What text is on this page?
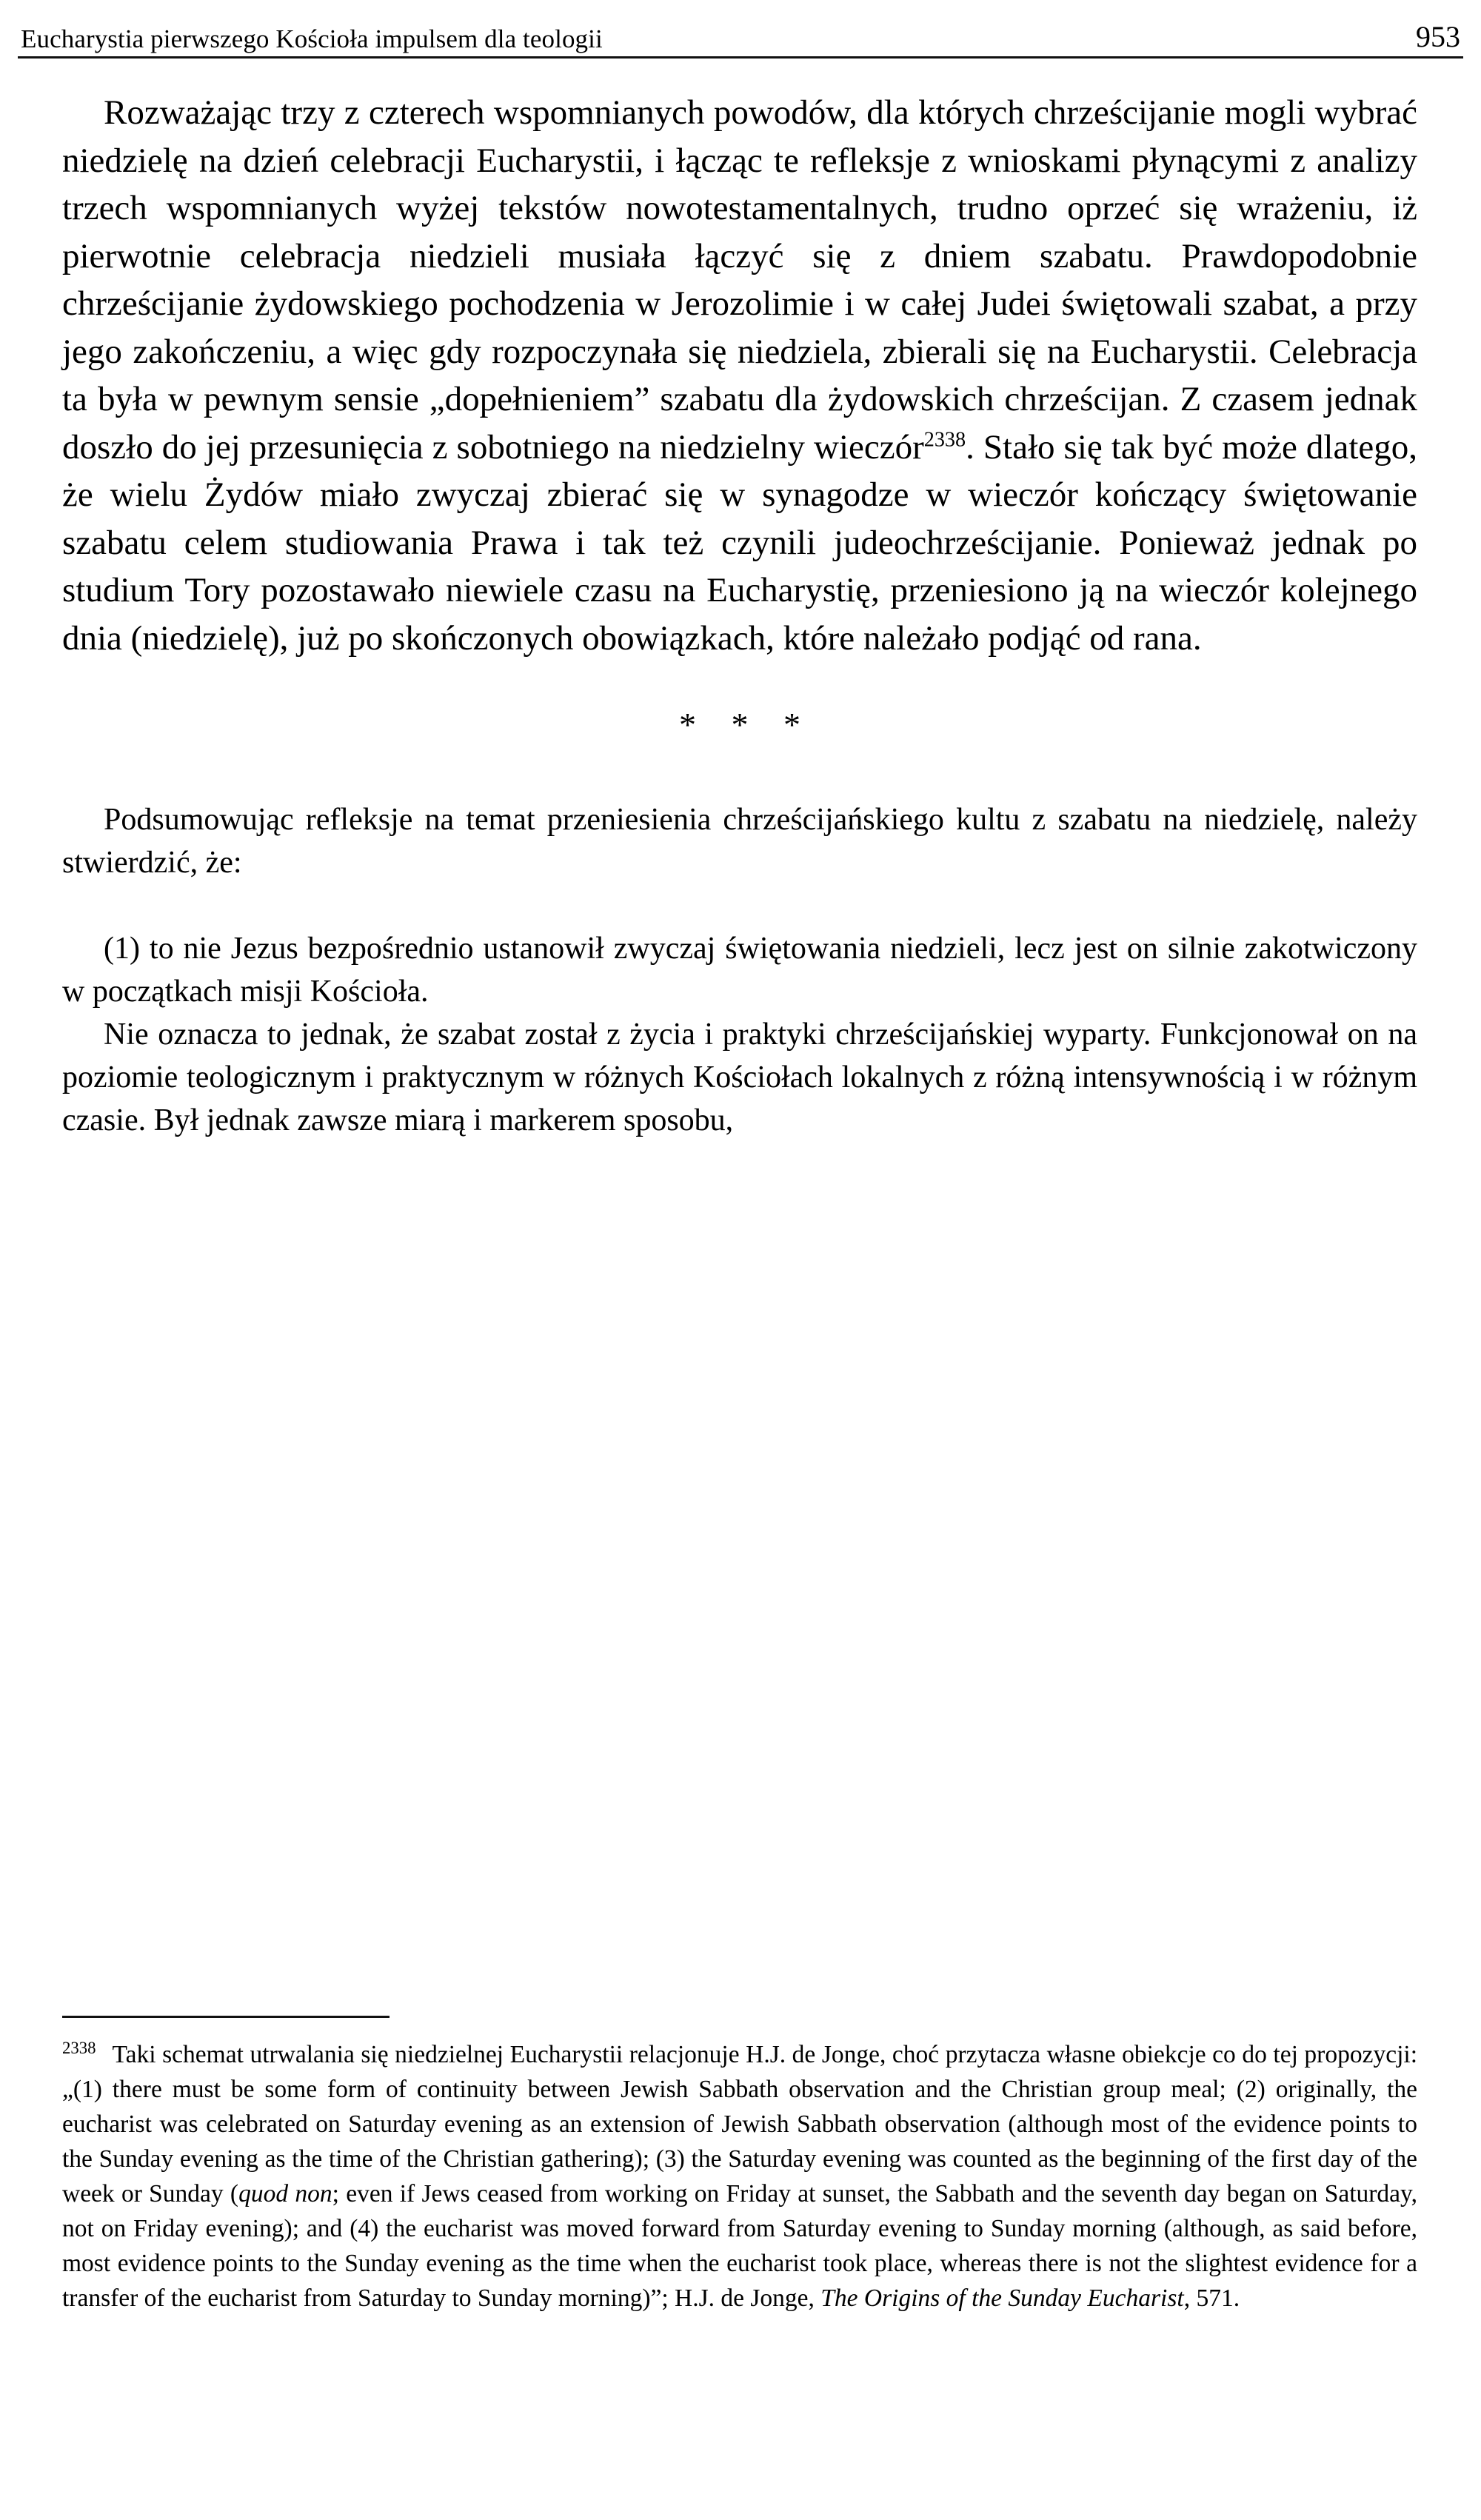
Eucharystia pierwszego Kościoła impulsem dla teologii	953

Rozważając trzy z czterech wspomnianych powodów, dla których chrześcijanie mogli wybrać niedzielę na dzień celebracji Eucharystii, i łącząc te refleksje z wnioskami płynącymi z analizy trzech wspomnianych wyżej tekstów nowotestamentalnych, trudno oprzeć się wrażeniu, iż pierwotnie celebracja niedzieli musiała łączyć się z dniem szabatu. Prawdopodobnie chrześcijanie żydowskiego pochodzenia w Jerozolimie i w całej Judei świętowali szabat, a przy jego zakończeniu, a więc gdy rozpoczynała się niedziela, zbierali się na Eucharystii. Celebracja ta była w pewnym sensie „dopełnieniem” szabatu dla żydowskich chrześcijan. Z czasem jednak doszło do jej przesunięcia z sobotniego na niedzielny wieczór$^{2338}$. Stało się tak być może dlatego, że wielu Żydów miało zwyczaj zbierać się w synagodze w wieczór kończący świętowanie szabatu celem studiowania Prawa i tak też czynili judeochrześcijanie. Ponieważ jednak po studium Tory pozostawało niewiele czasu na Eucharystię, przeniesiono ją na wieczór kolejnego dnia (niedzielę), już po skończonych obowiązkach, które należało podjąć od rana.

* * *

Podsumowując refleksje na temat przeniesienia chrześcijańskiego kultu z szabatu na niedzielę, należy stwierdzić, że:

(1) to nie Jezus bezpośrednio ustanowił zwyczaj świętowania niedzieli, lecz jest on silnie zakotwiczony w początkach misji Kościoła.

Nie oznacza to jednak, że szabat został z życia i praktyki chrześcijańskiej wyparty. Funkcjonował on na poziomie teologicznym i praktycznym w różnych Kościołach lokalnych z różną intensywnością i w różnym czasie. Był jednak zawsze miarą i markerem sposobu,

$^{2338}$ Taki schemat utrwalania się niedzielnej Eucharystii relacjonuje H.J. de Jonge, choć przytacza własne obiekcje co do tej propozycji: „(1) there must be some form of continuity between Jewish Sabbath observation and the Christian group meal; (2) originally, the eucharist was celebrated on Saturday evening as an extension of Jewish Sabbath observation (although most of the evidence points to the Sunday evening as the time of the Christian gathering); (3) the Saturday evening was counted as the beginning of the first day of the week or Sunday (quod non; even if Jews ceased from working on Friday at sunset, the Sabbath and the seventh day began on Saturday, not on Friday evening); and (4) the eucharist was moved forward from Saturday evening to Sunday morning (although, as said before, most evidence points to the Sunday evening as the time when the eucharist took place, whereas there is not the slightest evidence for a transfer of the eucharist from Saturday to Sunday morning)”; H.J. de Jonge, The Origins of the Sunday Eucharist, 571.
